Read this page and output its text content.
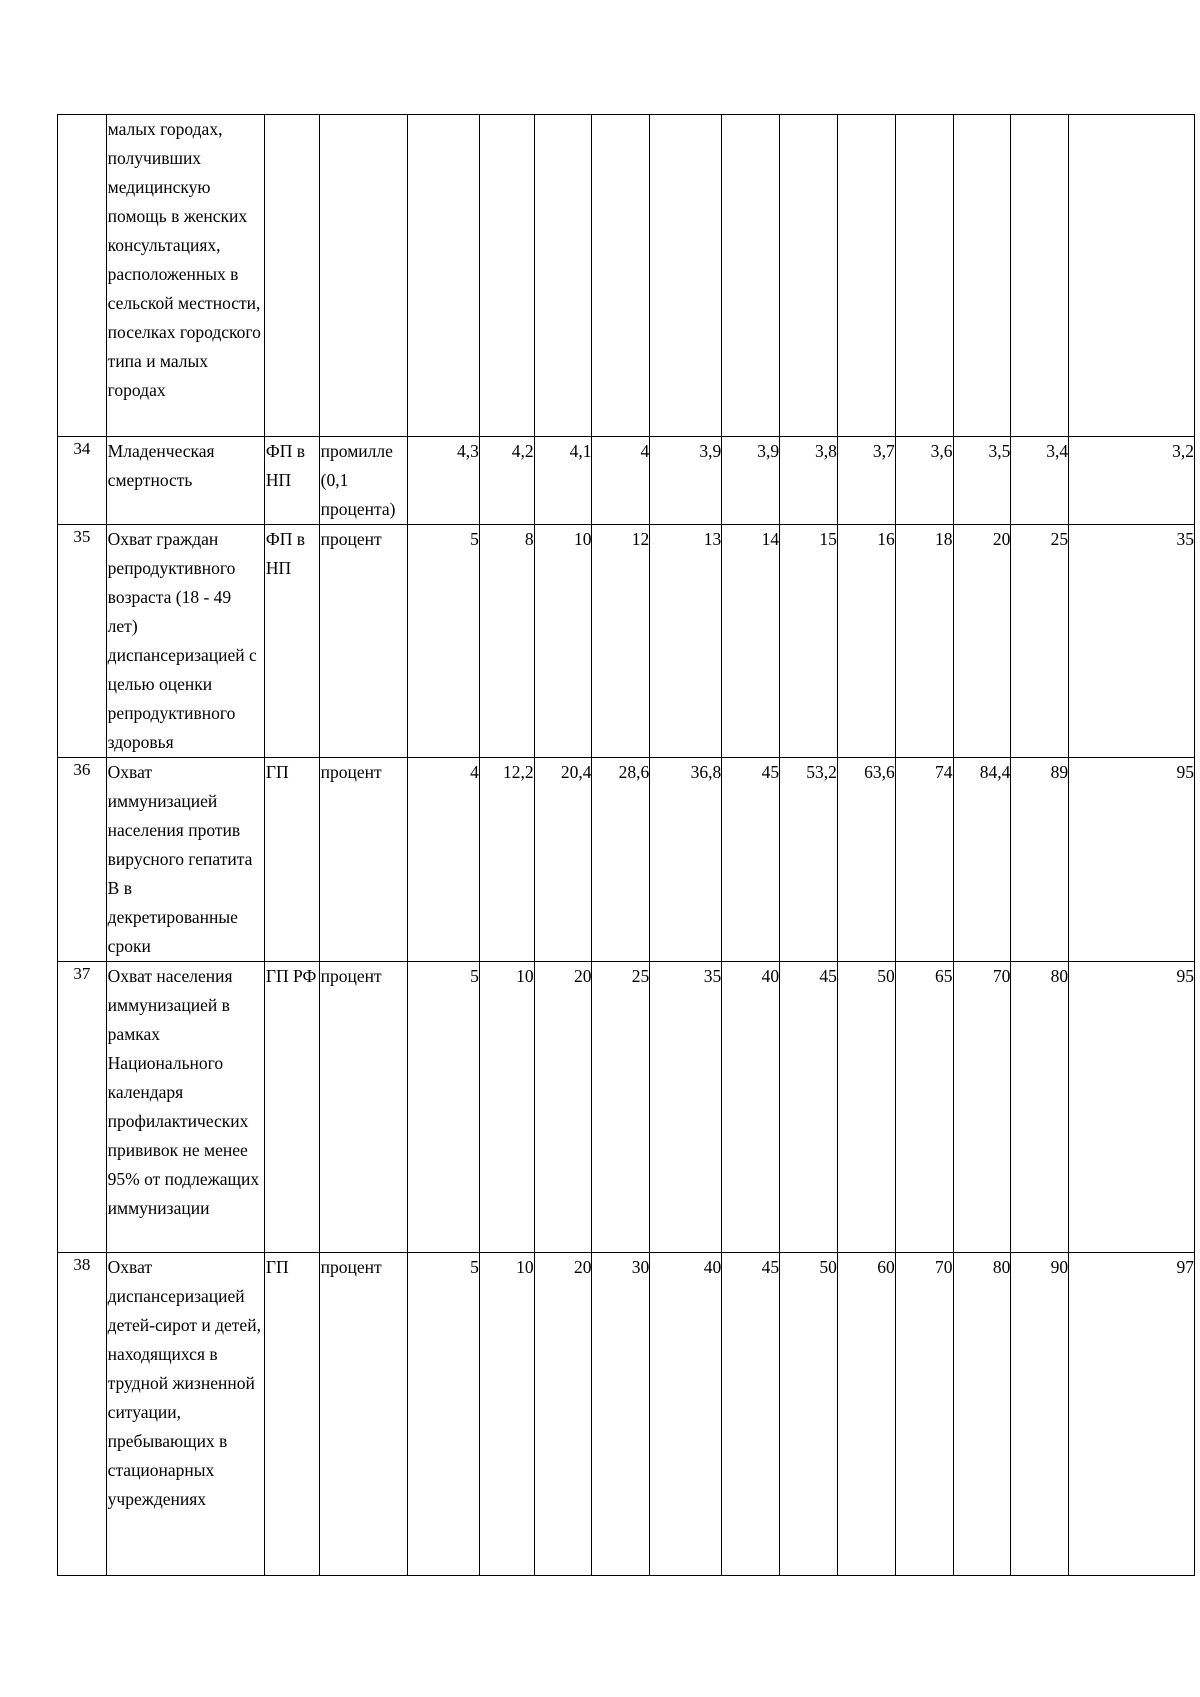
	малых городах, получивших медицинскую помощь в женских консультациях, расположенных в сельской местности, поселках городского типа и малых городах														
34	Младенческая смертность	ФП в НП	промилле (0,1 процента)	4,3	4,2	4,1	4	3,9	3,9	3,8	3,7	3,6	3,5	3,4	3,2
35	Охват граждан репродуктивного возраста (18 - 49 лет) диспансеризацией с целью оценки репродуктивного здоровья	ФП в НП	процент	5	8	10	12	13	14	15	16	18	20	25	35
36	Охват иммунизацией населения против вирусного гепатита B в декретированные сроки	ГП	процент	4	12,2	20,4	28,6	36,8	45	53,2	63,6	74	84,4	89	95
37	Охват населения иммунизацией в рамках Национального календаря профилактических прививок не менее 95% от подлежащих иммунизации	ГП РФ	процент	5	10	20	25	35	40	45	50	65	70	80	95
38	Охват диспансеризацией детей-сирот и детей, находящихся в трудной жизненной ситуации, пребывающих в стационарных учреждениях	ГП	процент	5	10	20	30	40	45	50	60	70	80	90	97
